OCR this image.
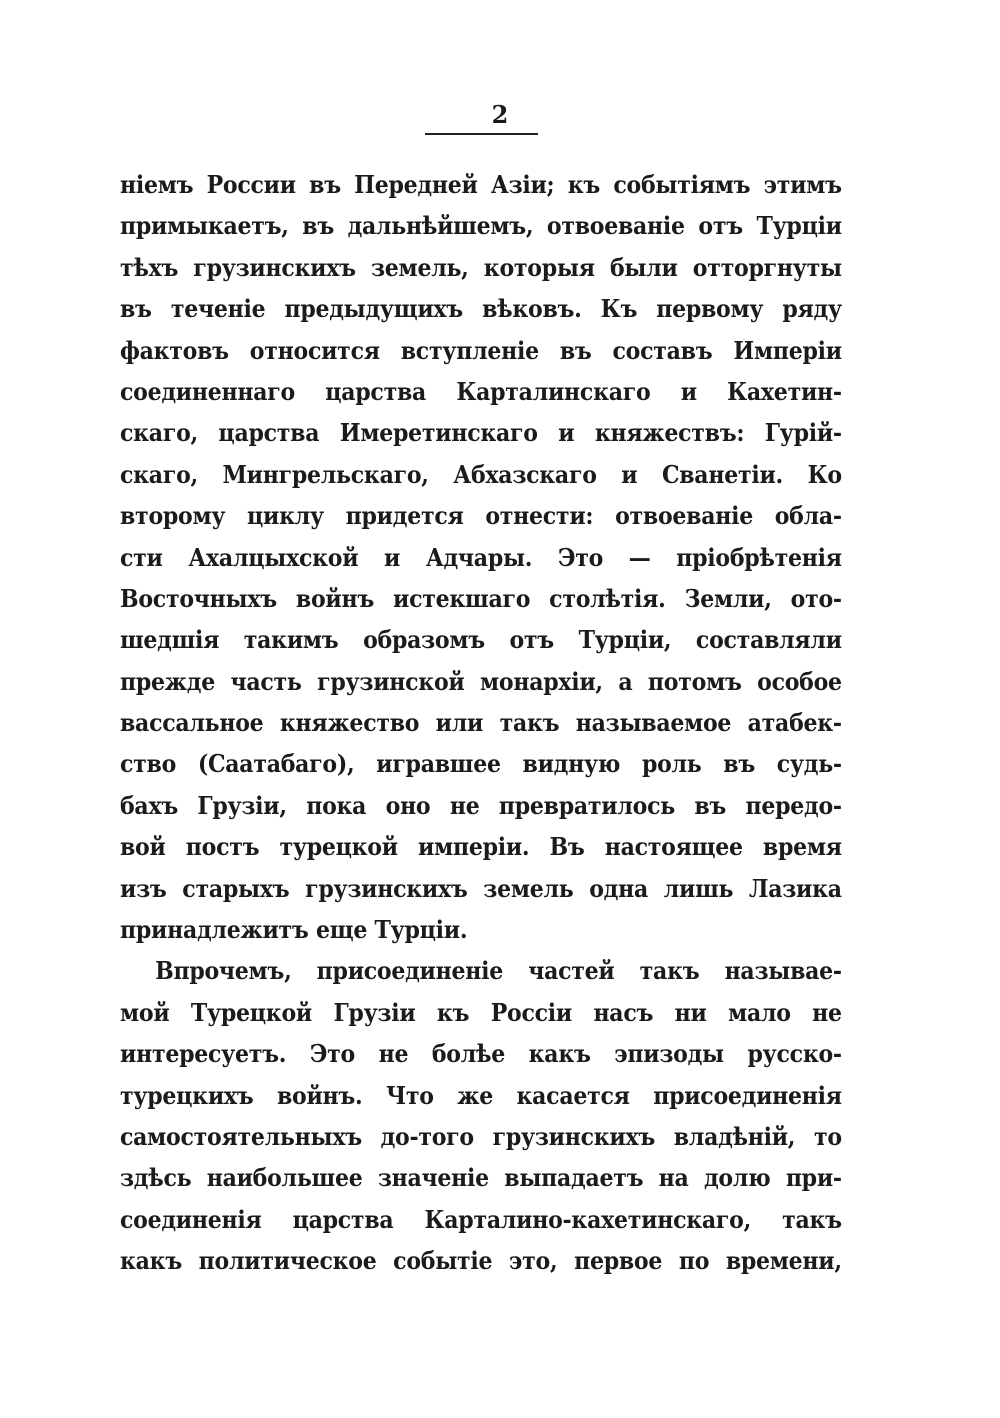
2
ніемъ России въ Передней Азіи; къ событіямъ этимъ
примыкаетъ, въ дальнѣйшемъ, отвоеваніе отъ Турціи
тѣхъ грузинскихъ земель, которыя были отторгнуты
въ теченіе предыдущихъ вѣковъ. Къ первому ряду
фактовъ относится вступленіе въ составъ Имперіи
соединеннаго царства Карталинскаго и Кахетин-
скаго, царства Имеретинскаго и княжествъ: Гурій-
скаго, Мингрельскаго, Абхазскаго и Сванетіи. Ко
второму циклу придется отнести: отвоеваніе обла-
сти Ахалцыхской и Адчары. Это — пріобрѣтенія
Восточныхъ войнъ истекшаго столѣтія. Земли, ото-
шедшія такимъ образомъ отъ Турціи, составляли
прежде часть грузинской монархіи, а потомъ особое
вассальное княжество или такъ называемое атабек-
ство (Саатабаго), игравшее видную роль въ судь-
бахъ Грузіи, пока оно не превратилось въ передо-
вой постъ турецкой имперіи. Въ настоящее время
изъ старыхъ грузинскихъ земель одна лишь Лазика
принадлежитъ еще Турціи.
Впрочемъ, присоединеніе частей такъ называе-
мой Турецкой Грузіи къ Россіи насъ ни мало не
интересуетъ. Это не болѣе какъ эпизоды русско-
турецкихъ войнъ. Что же касается присоединенія
самостоятельныхъ до-того грузинскихъ владѣній, то
здѣсь наибольшее значеніе выпадаетъ на долю при-
соединенія царства Карталино-кахетинскаго, такъ
какъ политическое событіе это, первое по времени,
